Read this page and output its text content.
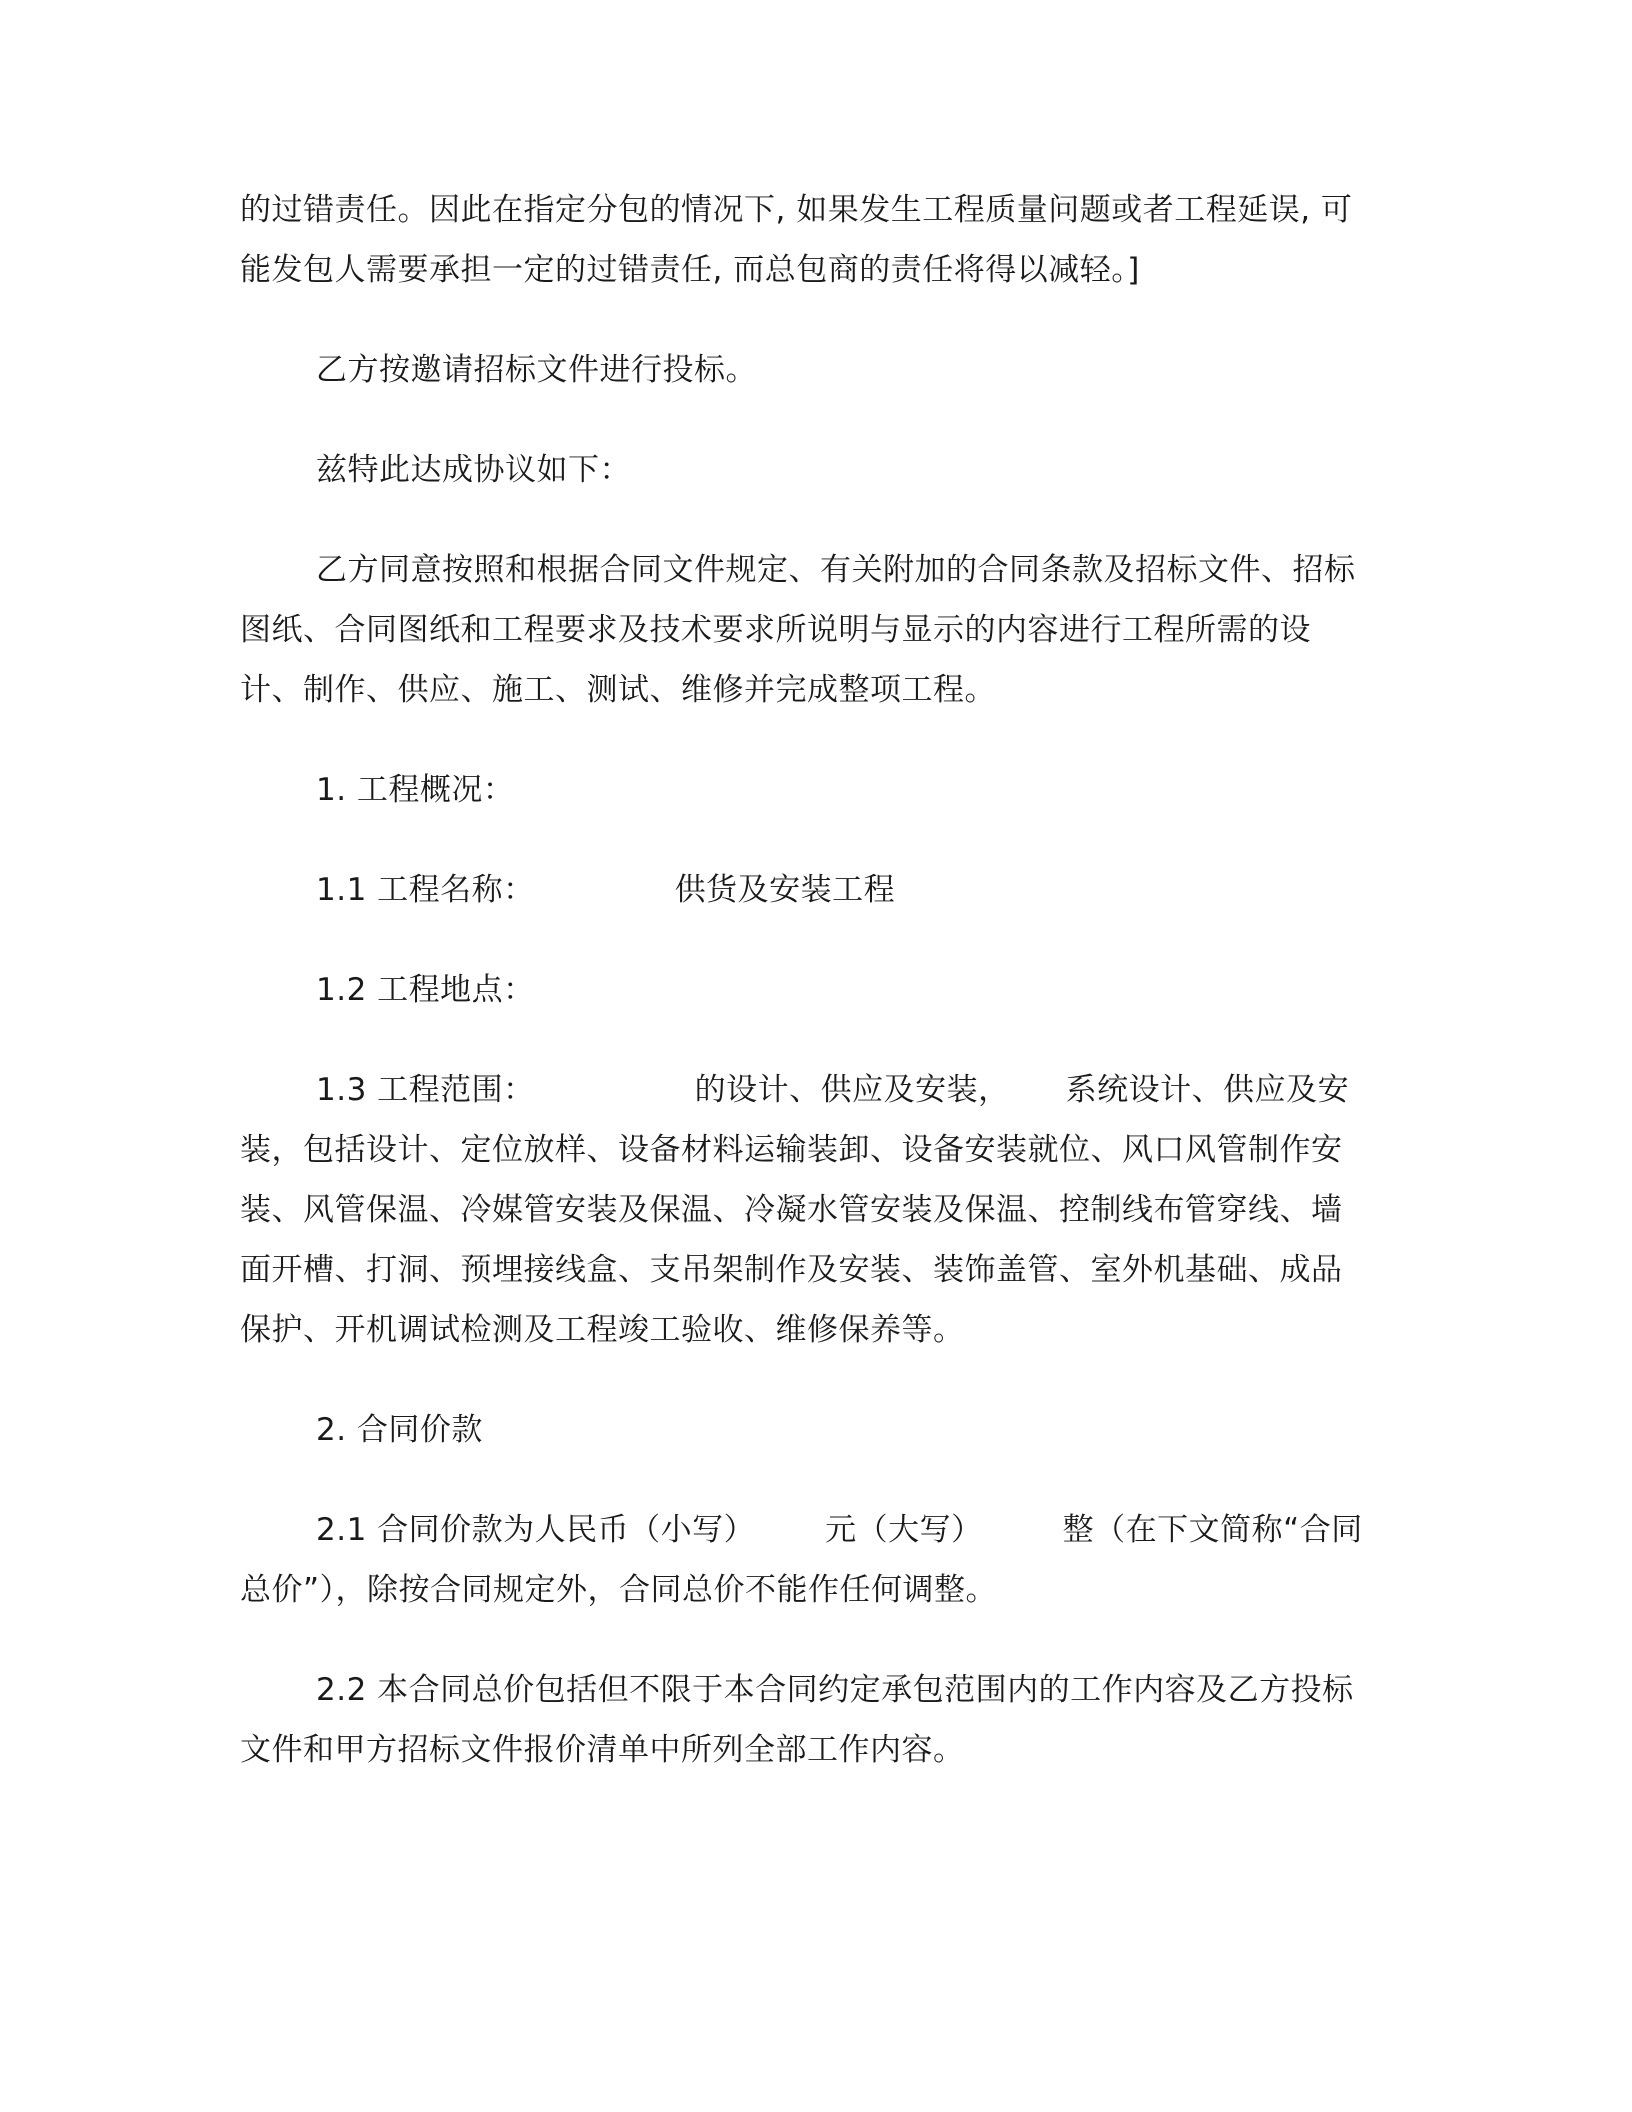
的过错责任。因此在指定分包的情况下, 如果发生工程质量问题或者工程延误, 可
能发包人需要承担一定的过错责任, 而总包商的责任将得以减轻。]

乙方按邀请招标文件进行投标。

兹特此达成协议如下：

乙方同意按照和根据合同文件规定、有关附加的合同条款及招标文件、招标
图纸、合同图纸和工程要求及技术要求所说明与显示的内容进行工程所需的设
计、制作、供应、施工、测试、维修并完成整项工程。

1. 工程概况：

1.1 工程名称：	供货及安装工程

1.2 工程地点：

1.3 工程范围：	的设计、供应及安装， 系统设计、供应及安
装，包括设计、定位放样、设备材料运输装卸、设备安装就位、风口风管制作安
装、风管保温、冷媒管安装及保温、冷凝水管安装及保温、控制线布管穿线、墙
面开槽、打洞、预埋接线盒、支吊架制作及安装、装饰盖管、室外机基础、成品
保护、开机调试检测及工程竣工验收、维修保养等。

2. 合同价款

2.1 合同价款为人民币（小写） 元（大写）	整（在下文简称“合同
总价”），除按合同规定外，合同总价不能作任何调整。

2.2 本合同总价包括但不限于本合同约定承包范围内的工作内容及乙方投标
文件和甲方招标文件报价清单中所列全部工作内容。
